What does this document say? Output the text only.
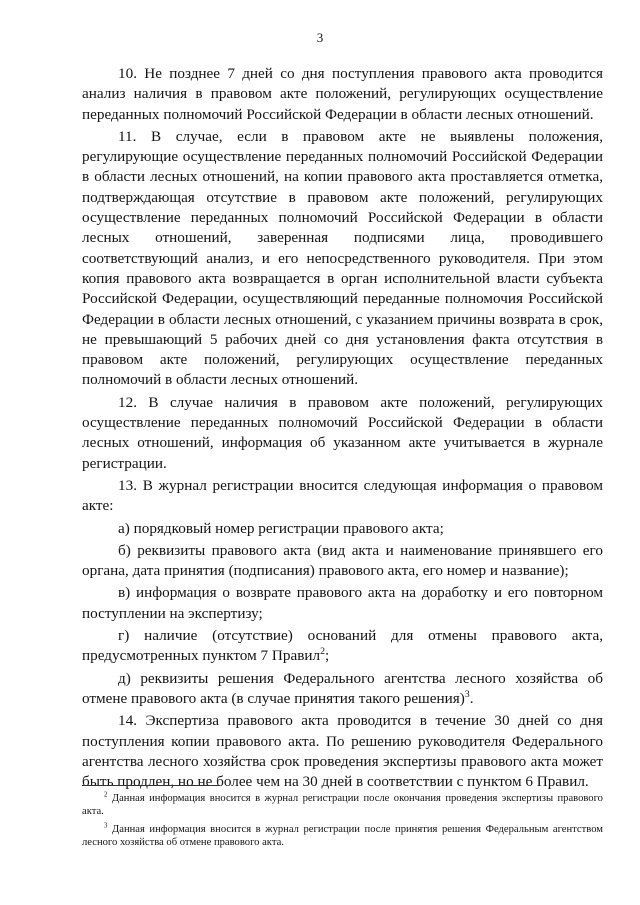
3

10. Не позднее 7 дней со дня поступления правового акта проводится анализ наличия в правовом акте положений, регулирующих осуществление переданных полномочий Российской Федерации в области лесных отношений.

11. В случае, если в правовом акте не выявлены положения, регулирующие осуществление переданных полномочий Российской Федерации в области лесных отношений, на копии правового акта проставляется отметка, подтверждающая отсутствие в правовом акте положений, регулирующих осуществление переданных полномочий Российской Федерации в области лесных отношений, заверенная подписями лица, проводившего соответствующий анализ, и его непосредственного руководителя. При этом копия правового акта возвращается в орган исполнительной власти субъекта Российской Федерации, осуществляющий переданные полномочия Российской Федерации в области лесных отношений, с указанием причины возврата в срок, не превышающий 5 рабочих дней со дня установления факта отсутствия в правовом акте положений, регулирующих осуществление переданных полномочий в области лесных отношений.

12. В случае наличия в правовом акте положений, регулирующих осуществление переданных полномочий Российской Федерации в области лесных отношений, информация об указанном акте учитывается в журнале регистрации.

13. В журнал регистрации вносится следующая информация о правовом акте:

а) порядковый номер регистрации правового акта;

б) реквизиты правового акта (вид акта и наименование принявшего его органа, дата принятия (подписания) правового акта, его номер и название);

в) информация о возврате правового акта на доработку и его повторном поступлении на экспертизу;

г) наличие (отсутствие) оснований для отмены правового акта, предусмотренных пунктом 7 Правил$^2$;

д) реквизиты решения Федерального агентства лесного хозяйства об отмене правового акта (в случае принятия такого решения)$^3$.

14. Экспертиза правового акта проводится в течение 30 дней со дня поступления копии правового акта. По решению руководителя Федерального агентства лесного хозяйства срок проведения экспертизы правового акта может быть продлен, но не более чем на 30 дней в соответствии с пунктом 6 Правил.

$^2$ Данная информация вносится в журнал регистрации после окончания проведения экспертизы правового акта.

$^3$ Данная информация вносится в журнал регистрации после принятия решения Федеральным агентством лесного хозяйства об отмене правового акта.
